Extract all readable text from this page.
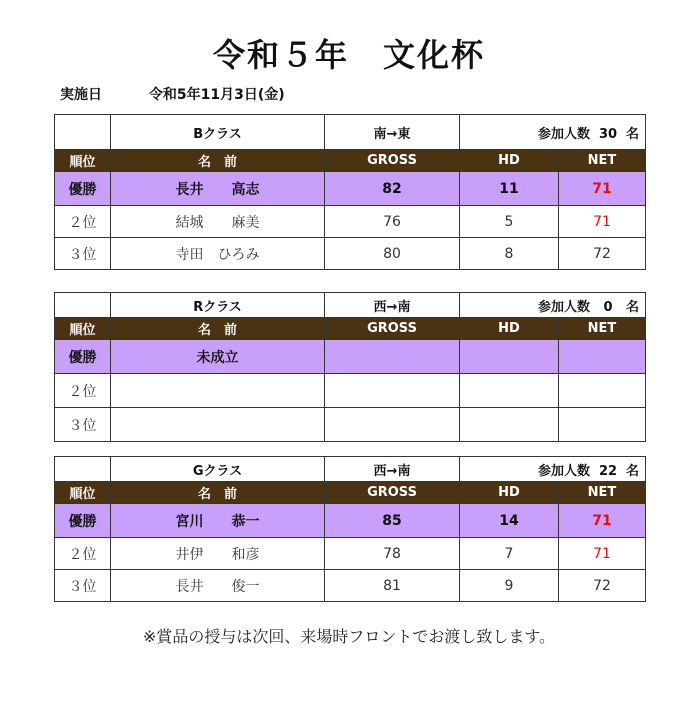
令和５年　文化杯
実施日	令和5年11月3日(金)
	Bクラス	南→東	参加人数 30 名	
順位	名　前	GROSS	HD	NET
優勝	長井　　高志	82	11	71
２位	結城　　麻美	76	5	71
３位	寺田　ひろみ	80	8	72
	Rクラス	西→南	参加人数 0 名	
順位	名　前	GROSS	HD	NET
優勝	未成立			
２位				
３位				
	Gクラス	西→南	参加人数 22 名	
順位	名　前	GROSS	HD	NET
優勝	宮川　　恭一	85	14	71
２位	井伊　　和彦	78	7	71
３位	長井　　俊一	81	9	72
※賞品の授与は次回、来場時フロントでお渡し致します。
